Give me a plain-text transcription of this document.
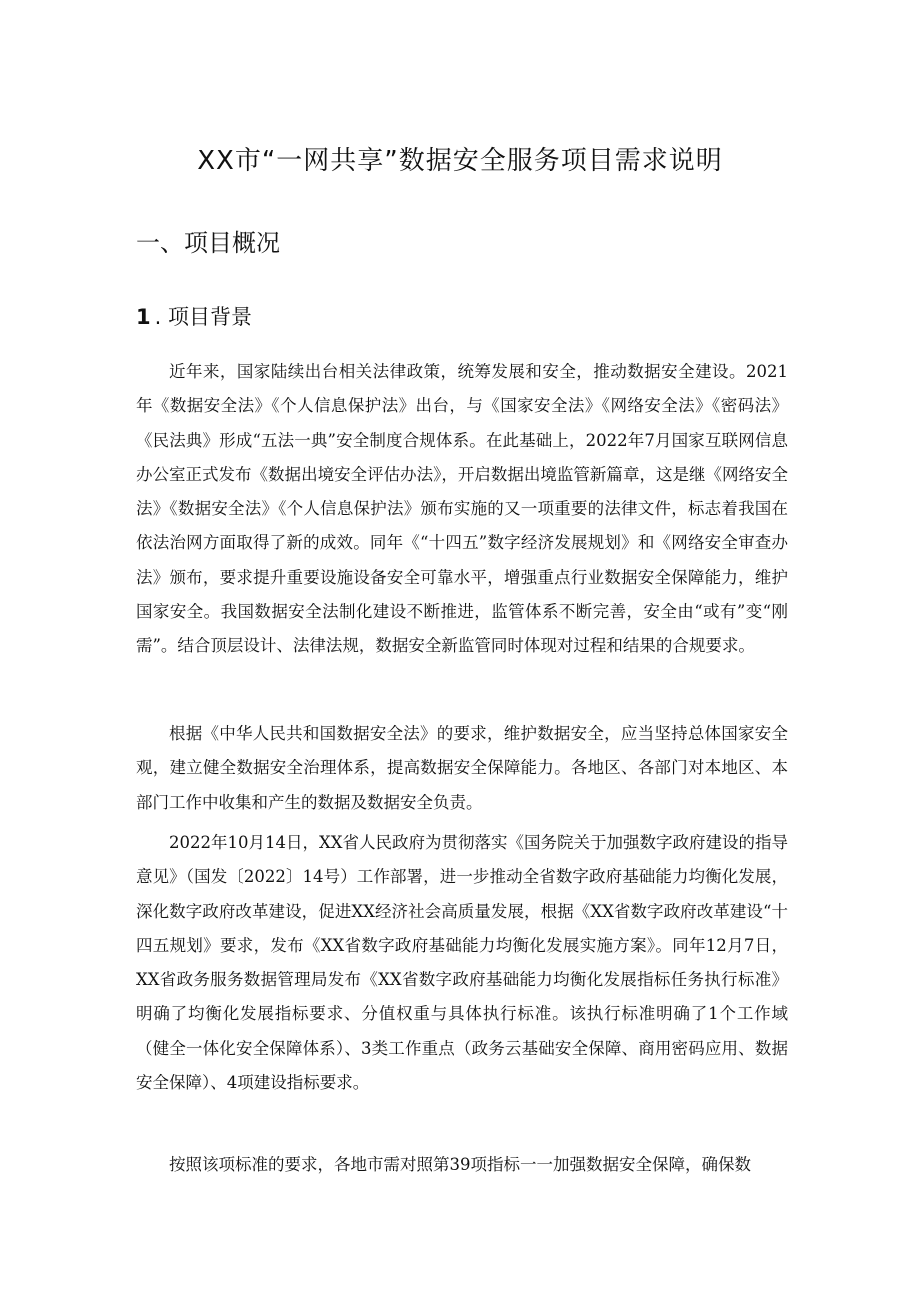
XX市“一网共享”数据安全服务项目需求说明
一、项目概况
1 . 项目背景

近年来，国家陆续出台相关法律政策，统筹发展和安全，推动数据安全建设。2021年《数据安全法》《个人信息保护法》出台，与《国家安全法》《网络安全法》《密码法》《民法典》形成“五法一典”安全制度合规体系。在此基础上，2022年7月国家互联网信息办公室正式发布《数据出境安全评估办法》，开启数据出境监管新篇章，这是继《网络安全法》《数据安全法》《个人信息保护法》颁布实施的又一项重要的法律文件，标志着我国在依法治网方面取得了新的成效。同年《“十四五”数字经济发展规划》和《网络安全审查办法》颁布，要求提升重要设施设备安全可靠水平，增强重点行业数据安全保障能力，维护国家安全。我国数据安全法制化建设不断推进，监管体系不断完善，安全由“或有”变“刚需”。结合顶层设计、法律法规，数据安全新监管同时体现对过程和结果的合规要求。

根据《中华人民共和国数据安全法》的要求，维护数据安全，应当坚持总体国家安全观，建立健全数据安全治理体系，提高数据安全保障能力。各地区、各部门对本地区、本部门工作中收集和产生的数据及数据安全负责。

2022年10月14日，XX省人民政府为贯彻落实《国务院关于加强数字政府建设的指导意见》（国发〔2022〕14号）工作部署，进一步推动全省数字政府基础能力均衡化发展，深化数字政府改革建设，促进XX经济社会高质量发展，根据《XX省数字政府改革建设“十四五规划》要求，发布《XX省数字政府基础能力均衡化发展实施方案》。同年12月7日，XX省政务服务数据管理局发布《XX省数字政府基础能力均衡化发展指标任务执行标准》明确了均衡化发展指标要求、分值权重与具体执行标准。该执行标准明确了1个工作域（健全一体化安全保障体系）、3类工作重点（政务云基础安全保障、商用密码应用、数据安全保障）、4项建设指标要求。

按照该项标准的要求，各地市需对照第39项指标一一加强数据安全保障，确保数
